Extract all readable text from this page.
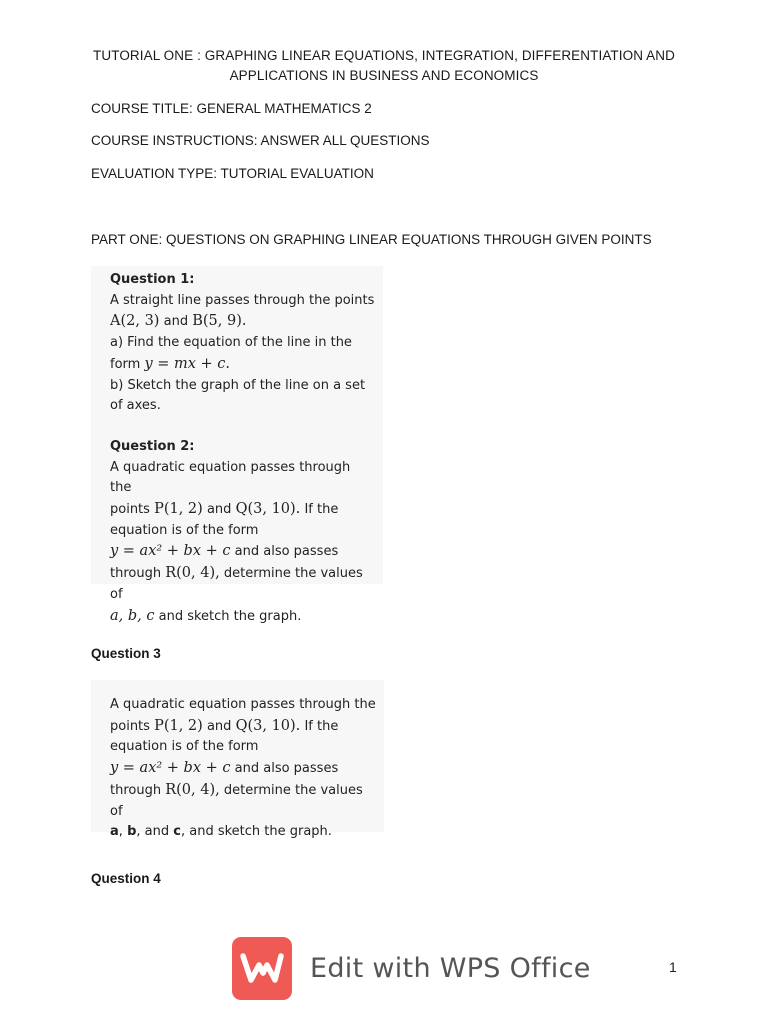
TUTORIAL ONE : GRAPHING LINEAR EQUATIONS, INTEGRATION, DIFFERENTIATION AND
APPLICATIONS IN BUSINESS AND ECONOMICS
COURSE TITLE: GENERAL MATHEMATICS 2
COURSE INSTRUCTIONS: ANSWER ALL QUESTIONS
EVALUATION TYPE: TUTORIAL EVALUATION
PART ONE: QUESTIONS ON GRAPHING LINEAR EQUATIONS THROUGH GIVEN POINTS
Question 1:
A straight line passes through the points
A(2, 3) and B(5, 9).
a) Find the equation of the line in the
form y = mx + c.
b) Sketch the graph of the line on a set
of axes.
Question 2:
A quadratic equation passes through the
points P(1, 2) and Q(3, 10). If the
equation is of the form
y = ax² + bx + c and also passes
through R(0, 4), determine the values of
a, b, c and sketch the graph.
Question 3
A quadratic equation passes through the
points P(1, 2) and Q(3, 10). If the
equation is of the form
y = ax² + bx + c and also passes
through R(0, 4), determine the values of
a, b, and c, and sketch the graph.
Question 4
Edit with WPS Office	1
